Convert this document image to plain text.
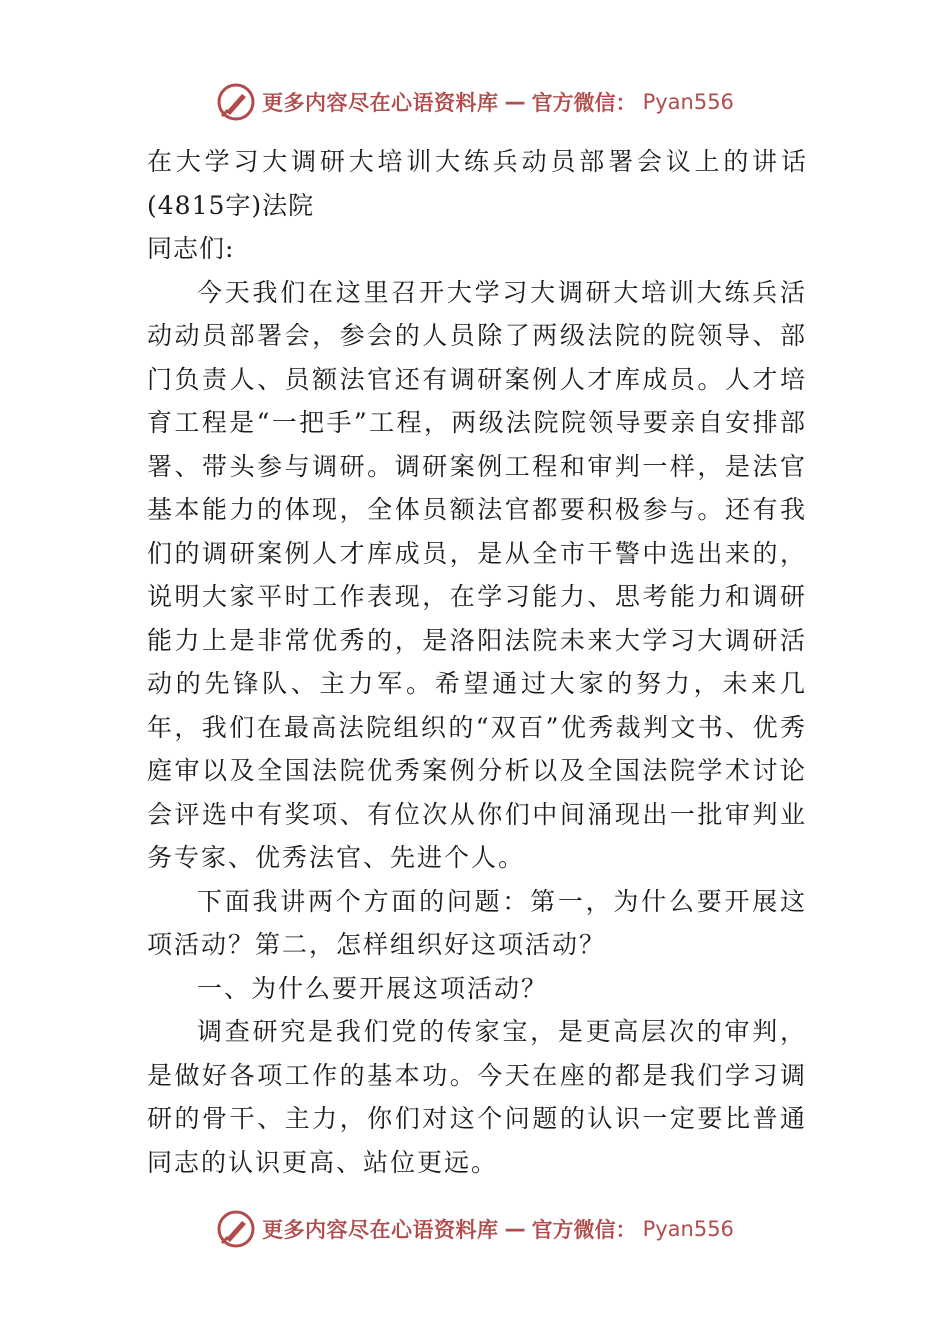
更多内容尽在心语资料库 — 官方微信： Pyan556

在大学习大调研大培训大练兵动员部署会议上的讲话(4815字)法院

同志们:

今天我们在这里召开大学习大调研大培训大练兵活动动员部署会，参会的人员除了两级法院的院领导、部门负责人、员额法官还有调研案例人才库成员。人才培育工程是“一把手”工程，两级法院院领导要亲自安排部署、带头参与调研。调研案例工程和审判一样，是法官基本能力的体现，全体员额法官都要积极参与。还有我们的调研案例人才库成员，是从全市干警中选出来的，说明大家平时工作表现，在学习能力、思考能力和调研能力上是非常优秀的，是洛阳法院未来大学习大调研活动的先锋队、主力军。希望通过大家的努力，未来几年，我们在最高法院组织的“双百”优秀裁判文书、优秀庭审以及全国法院优秀案例分析以及全国法院学术讨论会评选中有奖项、有位次从你们中间涌现出一批审判业务专家、优秀法官、先进个人。

下面我讲两个方面的问题：第一，为什么要开展这项活动？第二，怎样组织好这项活动？

一、为什么要开展这项活动？

调查研究是我们党的传家宝，是更高层次的审判，是做好各项工作的基本功。今天在座的都是我们学习调研的骨干、主力，你们对这个问题的认识一定要比普通同志的认识更高、站位更远。

更多内容尽在心语资料库 — 官方微信： Pyan556
